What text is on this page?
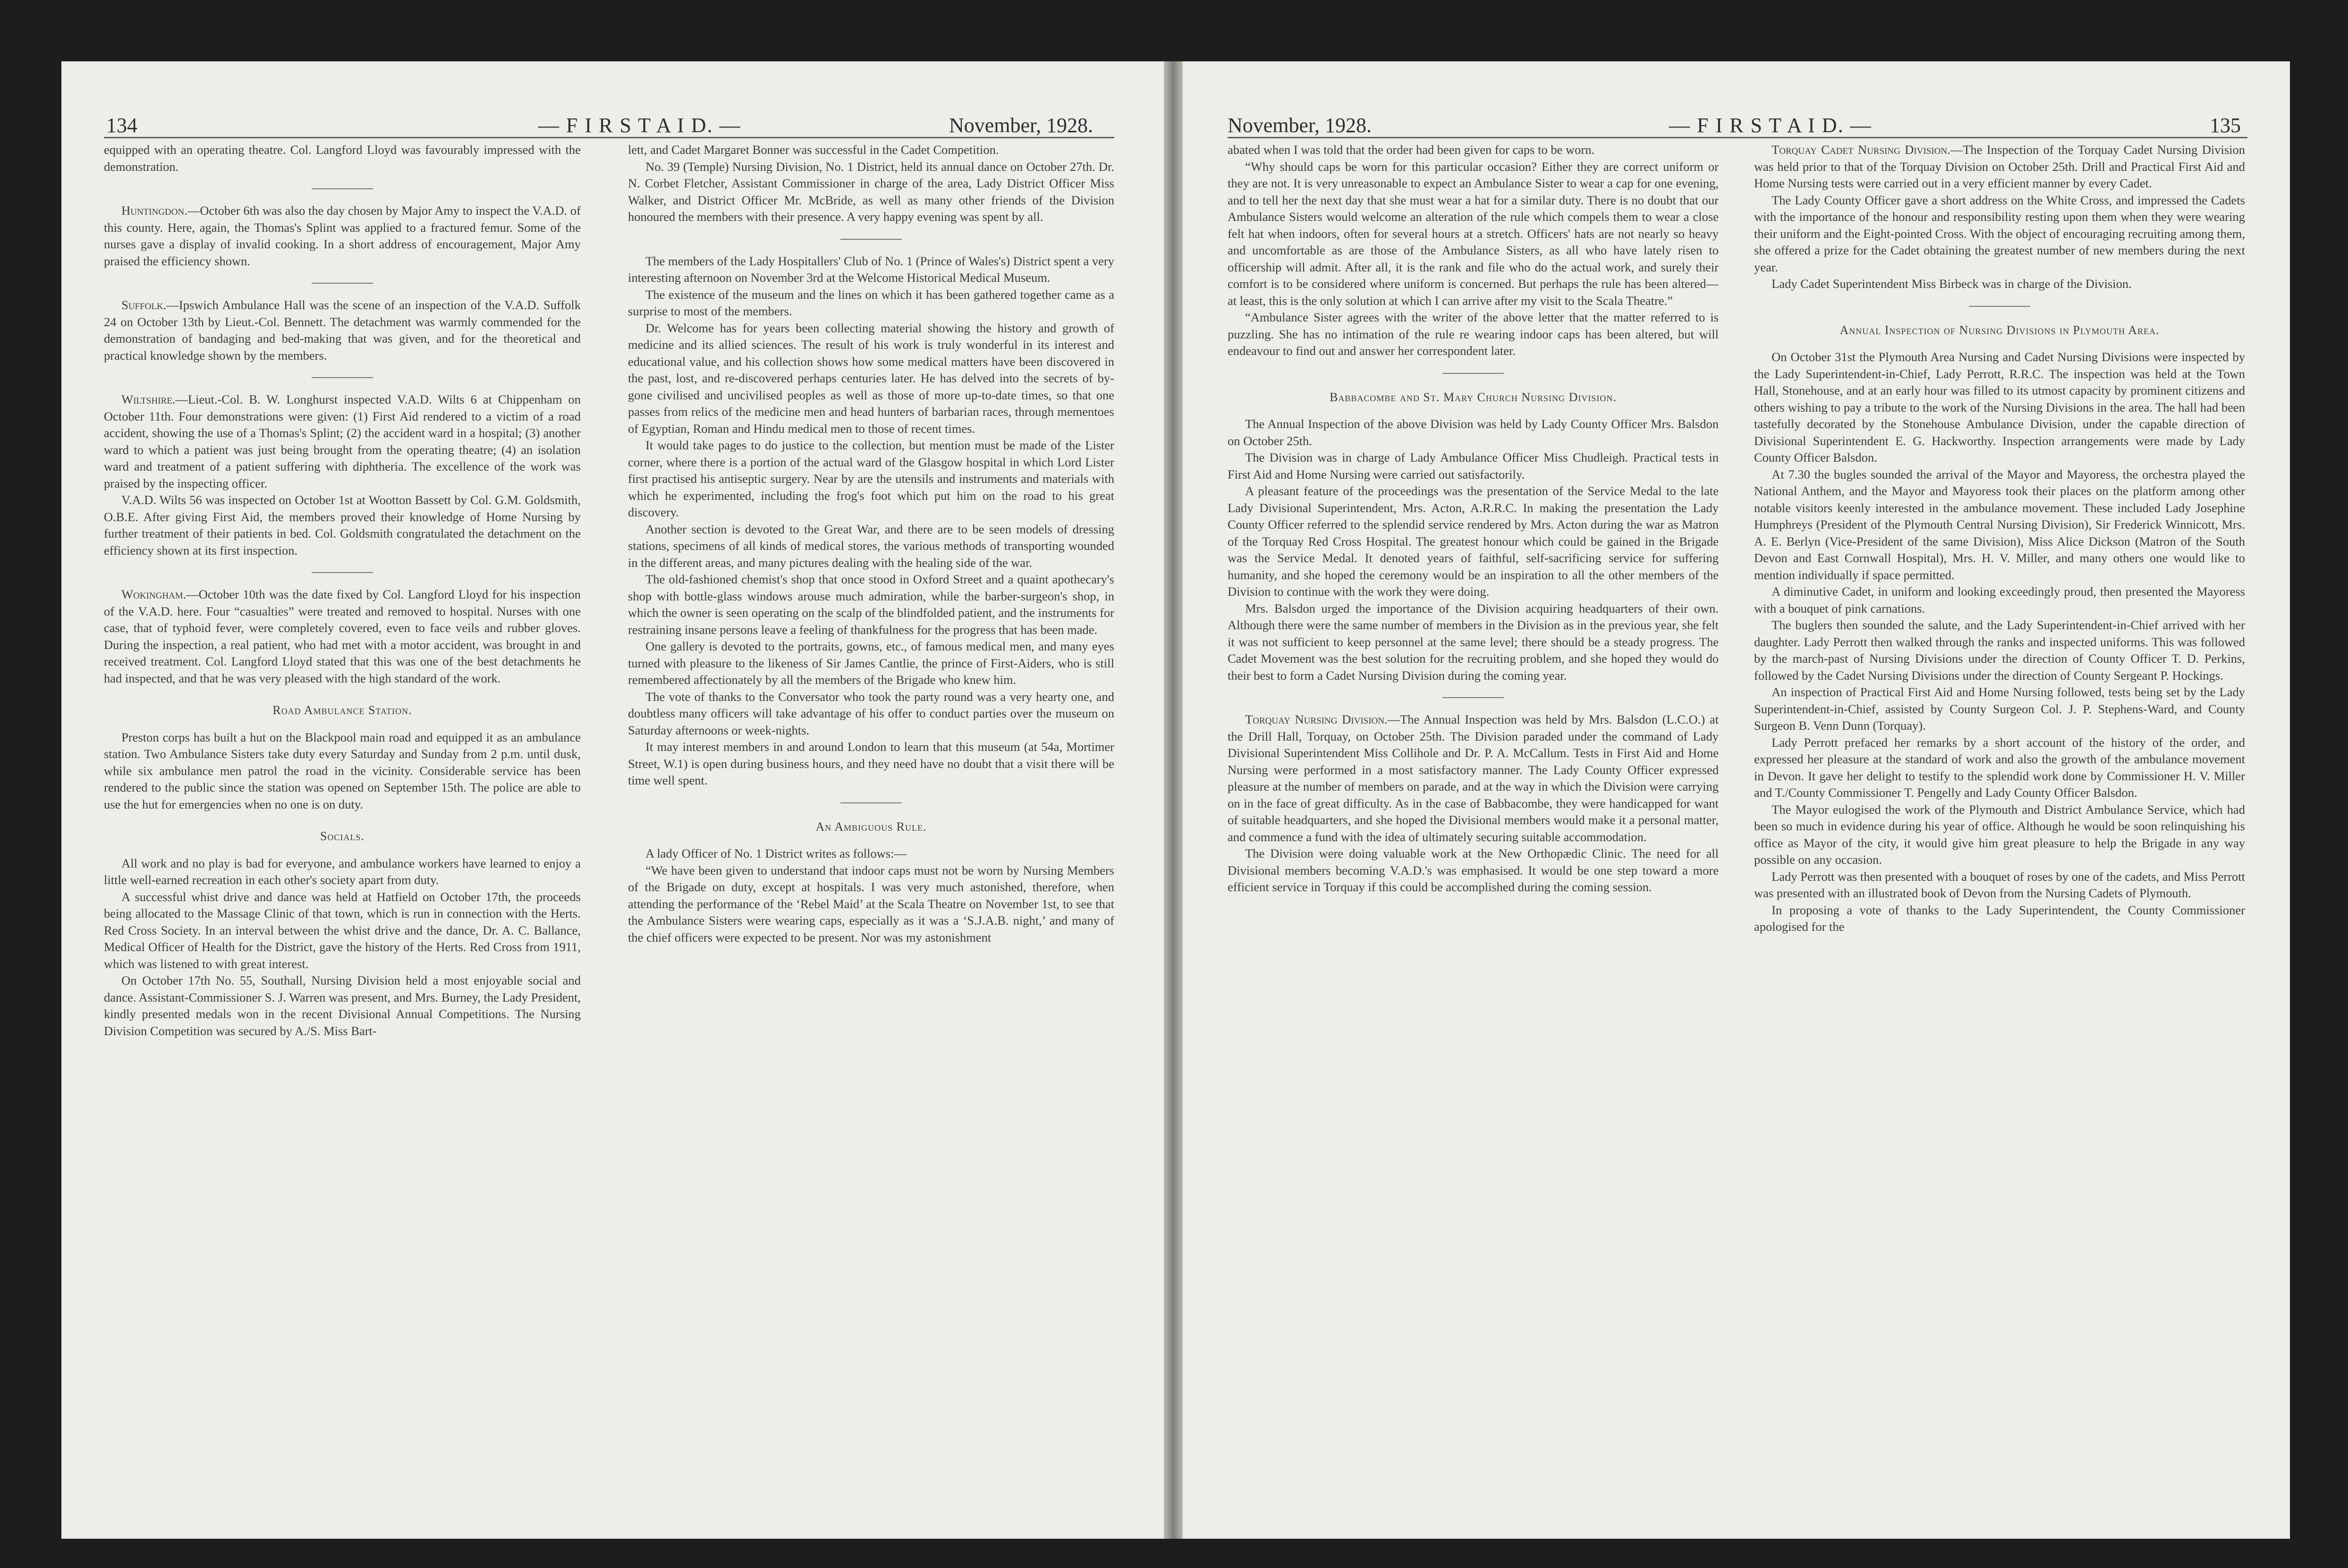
134	— F I R S T A I D. —	November, 1928.

equipped with an operating theatre. Col. Langford Lloyd was favourably impressed with the demonstration.

Huntingdon.—October 6th was also the day chosen by Major Amy to inspect the V.A.D. of this county. Here, again, the Thomas's Splint was applied to a fractured femur. Some of the nurses gave a display of invalid cooking. In a short address of encouragement, Major Amy praised the efficiency shown.

Suffolk.—Ipswich Ambulance Hall was the scene of an inspection of the V.A.D. Suffolk 24 on October 13th by Lieut.-Col. Bennett. The detachment was warmly commended for the demonstration of bandaging and bed-making that was given, and for the theoretical and practical knowledge shown by the members.

Wiltshire.—Lieut.-Col. B. W. Longhurst inspected V.A.D. Wilts 6 at Chippenham on October 11th. Four demonstrations were given: (1) First Aid rendered to a victim of a road accident, showing the use of a Thomas's Splint; (2) the accident ward in a hospital; (3) another ward to which a patient was just being brought from the operating theatre; (4) an isolation ward and treatment of a patient suffering with diphtheria. The excellence of the work was praised by the inspecting officer.

V.A.D. Wilts 56 was inspected on October 1st at Wootton Bassett by Col. G.M. Goldsmith, O.B.E. After giving First Aid, the members proved their knowledge of Home Nursing by further treatment of their patients in bed. Col. Goldsmith congratulated the detachment on the efficiency shown at its first inspection.

Wokingham.—October 10th was the date fixed by Col. Langford Lloyd for his inspection of the V.A.D. here. Four “casualties” were treated and removed to hospital. Nurses with one case, that of typhoid fever, were completely covered, even to face veils and rubber gloves. During the inspection, a real patient, who had met with a motor accident, was brought in and received treatment. Col. Langford Lloyd stated that this was one of the best detachments he had inspected, and that he was very pleased with the high standard of the work.

Road Ambulance Station.

Preston corps has built a hut on the Blackpool main road and equipped it as an ambulance station. Two Ambulance Sisters take duty every Saturday and Sunday from 2 p.m. until dusk, while six ambulance men patrol the road in the vicinity. Considerable service has been rendered to the public since the station was opened on September 15th. The police are able to use the hut for emergencies when no one is on duty.

Socials.

All work and no play is bad for everyone, and ambulance workers have learned to enjoy a little well-earned recreation in each other's society apart from duty.

A successful whist drive and dance was held at Hatfield on October 17th, the proceeds being allocated to the Massage Clinic of that town, which is run in connection with the Herts. Red Cross Society. In an interval between the whist drive and the dance, Dr. A. C. Ballance, Medical Officer of Health for the District, gave the history of the Herts. Red Cross from 1911, which was listened to with great interest.

On October 17th No. 55, Southall, Nursing Division held a most enjoyable social and dance. Assistant-Commissioner S. J. Warren was present, and Mrs. Burney, the Lady President, kindly presented medals won in the recent Divisional Annual Competitions. The Nursing Division Competition was secured by A./S. Miss Bart-

lett, and Cadet Margaret Bonner was successful in the Cadet Competition.

No. 39 (Temple) Nursing Division, No. 1 District, held its annual dance on October 27th. Dr. N. Corbet Fletcher, Assistant Commissioner in charge of the area, Lady District Officer Miss Walker, and District Officer Mr. McBride, as well as many other friends of the Division honoured the members with their presence. A very happy evening was spent by all.

The members of the Lady Hospitallers' Club of No. 1 (Prince of Wales's) District spent a very interesting afternoon on November 3rd at the Welcome Historical Medical Museum.

The existence of the museum and the lines on which it has been gathered together came as a surprise to most of the members.

Dr. Welcome has for years been collecting material showing the history and growth of medicine and its allied sciences. The result of his work is truly wonderful in its interest and educational value, and his collection shows how some medical matters have been discovered in the past, lost, and re-discovered perhaps centuries later. He has delved into the secrets of by-gone civilised and uncivilised peoples as well as those of more up-to-date times, so that one passes from relics of the medicine men and head hunters of barbarian races, through mementoes of Egyptian, Roman and Hindu medical men to those of recent times.

It would take pages to do justice to the collection, but mention must be made of the Lister corner, where there is a portion of the actual ward of the Glasgow hospital in which Lord Lister first practised his antiseptic surgery. Near by are the utensils and instruments and materials with which he experimented, including the frog's foot which put him on the road to his great discovery.

Another section is devoted to the Great War, and there are to be seen models of dressing stations, specimens of all kinds of medical stores, the various methods of transporting wounded in the different areas, and many pictures dealing with the healing side of the war.

The old-fashioned chemist's shop that once stood in Oxford Street and a quaint apothecary's shop with bottle-glass windows arouse much admiration, while the barber-surgeon's shop, in which the owner is seen operating on the scalp of the blindfolded patient, and the instruments for restraining insane persons leave a feeling of thankfulness for the progress that has been made.

One gallery is devoted to the portraits, gowns, etc., of famous medical men, and many eyes turned with pleasure to the likeness of Sir James Cantlie, the prince of First-Aiders, who is still remembered affectionately by all the members of the Brigade who knew him.

The vote of thanks to the Conversator who took the party round was a very hearty one, and doubtless many officers will take advantage of his offer to conduct parties over the museum on Saturday afternoons or week-nights.

It may interest members in and around London to learn that this museum (at 54a, Mortimer Street, W.1) is open during business hours, and they need have no doubt that a visit there will be time well spent.

An Ambiguous Rule.

A lady Officer of No. 1 District writes as follows:—

“We have been given to understand that indoor caps must not be worn by Nursing Members of the Brigade on duty, except at hospitals. I was very much astonished, therefore, when attending the performance of the ‘Rebel Maid’ at the Scala Theatre on November 1st, to see that the Ambulance Sisters were wearing caps, especially as it was a ‘S.J.A.B. night,’ and many of the chief officers were expected to be present. Nor was my astonishment

November, 1928.	— F I R S T A I D. —	135

abated when I was told that the order had been given for caps to be worn.

“Why should caps be worn for this particular occasion? Either they are correct uniform or they are not. It is very unreasonable to expect an Ambulance Sister to wear a cap for one evening, and to tell her the next day that she must wear a hat for a similar duty. There is no doubt that our Ambulance Sisters would welcome an alteration of the rule which compels them to wear a close felt hat when indoors, often for several hours at a stretch. Officers' hats are not nearly so heavy and uncomfortable as are those of the Ambulance Sisters, as all who have lately risen to officership will admit. After all, it is the rank and file who do the actual work, and surely their comfort is to be considered where uniform is concerned. But perhaps the rule has been altered—at least, this is the only solution at which I can arrive after my visit to the Scala Theatre.”

“Ambulance Sister agrees with the writer of the above letter that the matter referred to is puzzling. She has no intimation of the rule re wearing indoor caps has been altered, but will endeavour to find out and answer her correspondent later.

Babbacombe and St. Mary Church Nursing Division.

The Annual Inspection of the above Division was held by Lady County Officer Mrs. Balsdon on October 25th.

The Division was in charge of Lady Ambulance Officer Miss Chudleigh. Practical tests in First Aid and Home Nursing were carried out satisfactorily.

A pleasant feature of the proceedings was the presentation of the Service Medal to the late Lady Divisional Superintendent, Mrs. Acton, A.R.R.C. In making the presentation the Lady County Officer referred to the splendid service rendered by Mrs. Acton during the war as Matron of the Torquay Red Cross Hospital. The greatest honour which could be gained in the Brigade was the Service Medal. It denoted years of faithful, self-sacrificing service for suffering humanity, and she hoped the ceremony would be an inspiration to all the other members of the Division to continue with the work they were doing.

Mrs. Balsdon urged the importance of the Division acquiring headquarters of their own. Although there were the same number of members in the Division as in the previous year, she felt it was not sufficient to keep personnel at the same level; there should be a steady progress. The Cadet Movement was the best solution for the recruiting problem, and she hoped they would do their best to form a Cadet Nursing Division during the coming year.

Torquay Nursing Division.—The Annual Inspection was held by Mrs. Balsdon (L.C.O.) at the Drill Hall, Torquay, on October 25th. The Division paraded under the command of Lady Divisional Superintendent Miss Collihole and Dr. P. A. McCallum. Tests in First Aid and Home Nursing were performed in a most satisfactory manner. The Lady County Officer expressed pleasure at the number of members on parade, and at the way in which the Division were carrying on in the face of great difficulty. As in the case of Babbacombe, they were handicapped for want of suitable headquarters, and she hoped the Divisional members would make it a personal matter, and commence a fund with the idea of ultimately securing suitable accommodation.

The Division were doing valuable work at the New Orthopædic Clinic. The need for all Divisional members becoming V.A.D.'s was emphasised. It would be one step toward a more efficient service in Torquay if this could be accomplished during the coming session.

Torquay Cadet Nursing Division.—The Inspection of the Torquay Cadet Nursing Division was held prior to that of the Torquay Division on October 25th. Drill and Practical First Aid and Home Nursing tests were carried out in a very efficient manner by every Cadet.

The Lady County Officer gave a short address on the White Cross, and impressed the Cadets with the importance of the honour and responsibility resting upon them when they were wearing their uniform and the Eight-pointed Cross. With the object of encouraging recruiting among them, she offered a prize for the Cadet obtaining the greatest number of new members during the next year.

Lady Cadet Superintendent Miss Birbeck was in charge of the Division.

Annual Inspection of Nursing Divisions in Plymouth Area.

On October 31st the Plymouth Area Nursing and Cadet Nursing Divisions were inspected by the Lady Superintendent-in-Chief, Lady Perrott, R.R.C. The inspection was held at the Town Hall, Stonehouse, and at an early hour was filled to its utmost capacity by prominent citizens and others wishing to pay a tribute to the work of the Nursing Divisions in the area. The hall had been tastefully decorated by the Stonehouse Ambulance Division, under the capable direction of Divisional Superintendent E. G. Hackworthy. Inspection arrangements were made by Lady County Officer Balsdon.

At 7.30 the bugles sounded the arrival of the Mayor and Mayoress, the orchestra played the National Anthem, and the Mayor and Mayoress took their places on the platform among other notable visitors keenly interested in the ambulance movement. These included Lady Josephine Humphreys (President of the Plymouth Central Nursing Division), Sir Frederick Winnicott, Mrs. A. E. Berlyn (Vice-President of the same Division), Miss Alice Dickson (Matron of the South Devon and East Cornwall Hospital), Mrs. H. V. Miller, and many others one would like to mention individually if space permitted.

A diminutive Cadet, in uniform and looking exceedingly proud, then presented the Mayoress with a bouquet of pink carnations.

The buglers then sounded the salute, and the Lady Superintendent-in-Chief arrived with her daughter. Lady Perrott then walked through the ranks and inspected uniforms. This was followed by the march-past of Nursing Divisions under the direction of County Officer T. D. Perkins, followed by the Cadet Nursing Divisions under the direction of County Sergeant P. Hockings.

An inspection of Practical First Aid and Home Nursing followed, tests being set by the Lady Superintendent-in-Chief, assisted by County Surgeon Col. J. P. Stephens-Ward, and County Surgeon B. Venn Dunn (Torquay).

Lady Perrott prefaced her remarks by a short account of the history of the order, and expressed her pleasure at the standard of work and also the growth of the ambulance movement in Devon. It gave her delight to testify to the splendid work done by Commissioner H. V. Miller and T./County Commissioner T. Pengelly and Lady County Officer Balsdon.

The Mayor eulogised the work of the Plymouth and District Ambulance Service, which had been so much in evidence during his year of office. Although he would be soon relinquishing his office as Mayor of the city, it would give him great pleasure to help the Brigade in any way possible on any occasion.

Lady Perrott was then presented with a bouquet of roses by one of the cadets, and Miss Perrott was presented with an illustrated book of Devon from the Nursing Cadets of Plymouth.

In proposing a vote of thanks to the Lady Superintendent, the County Commissioner apologised for the
